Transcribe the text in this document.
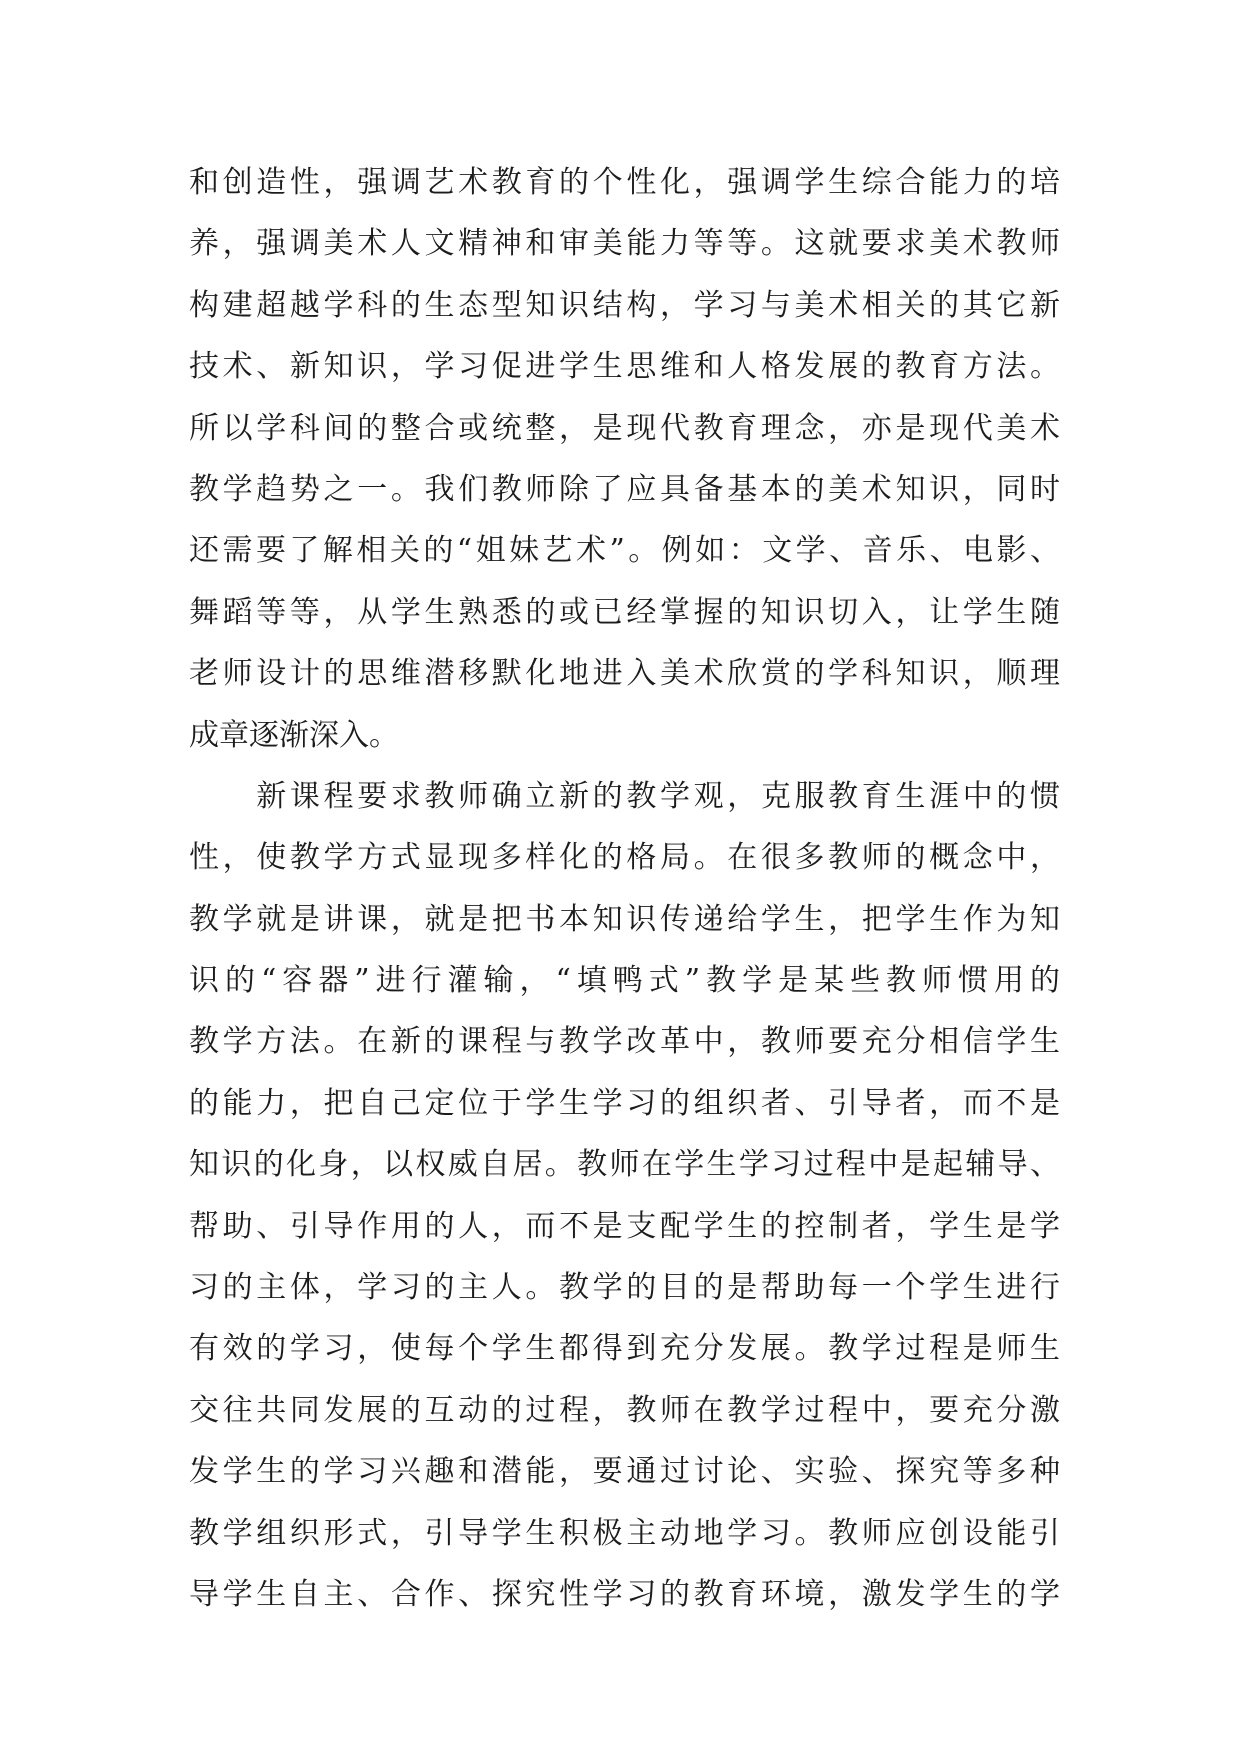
和创造性，强调艺术教育的个性化，强调学生综合能力的培
养，强调美术人文精神和审美能力等等。这就要求美术教师
构建超越学科的生态型知识结构，学习与美术相关的其它新
技术、新知识，学习促进学生思维和人格发展的教育方法。
所以学科间的整合或统整，是现代教育理念，亦是现代美术
教学趋势之一。我们教师除了应具备基本的美术知识，同时
还需要了解相关的“姐妹艺术”。例如：文学、音乐、电影、
舞蹈等等，从学生熟悉的或已经掌握的知识切入，让学生随
老师设计的思维潜移默化地进入美术欣赏的学科知识，顺理
成章逐渐深入。
　　新课程要求教师确立新的教学观，克服教育生涯中的惯
性，使教学方式显现多样化的格局。在很多教师的概念中，
教学就是讲课，就是把书本知识传递给学生，把学生作为知
识的“容器”进行灌输，“填鸭式”教学是某些教师惯用的
教学方法。在新的课程与教学改革中，教师要充分相信学生
的能力，把自己定位于学生学习的组织者、引导者，而不是
知识的化身，以权威自居。教师在学生学习过程中是起辅导、
帮助、引导作用的人，而不是支配学生的控制者，学生是学
习的主体，学习的主人。教学的目的是帮助每一个学生进行
有效的学习，使每个学生都得到充分发展。教学过程是师生
交往共同发展的互动的过程，教师在教学过程中，要充分激
发学生的学习兴趣和潜能，要通过讨论、实验、探究等多种
教学组织形式，引导学生积极主动地学习。教师应创设能引
导学生自主、合作、探究性学习的教育环境，激发学生的学
